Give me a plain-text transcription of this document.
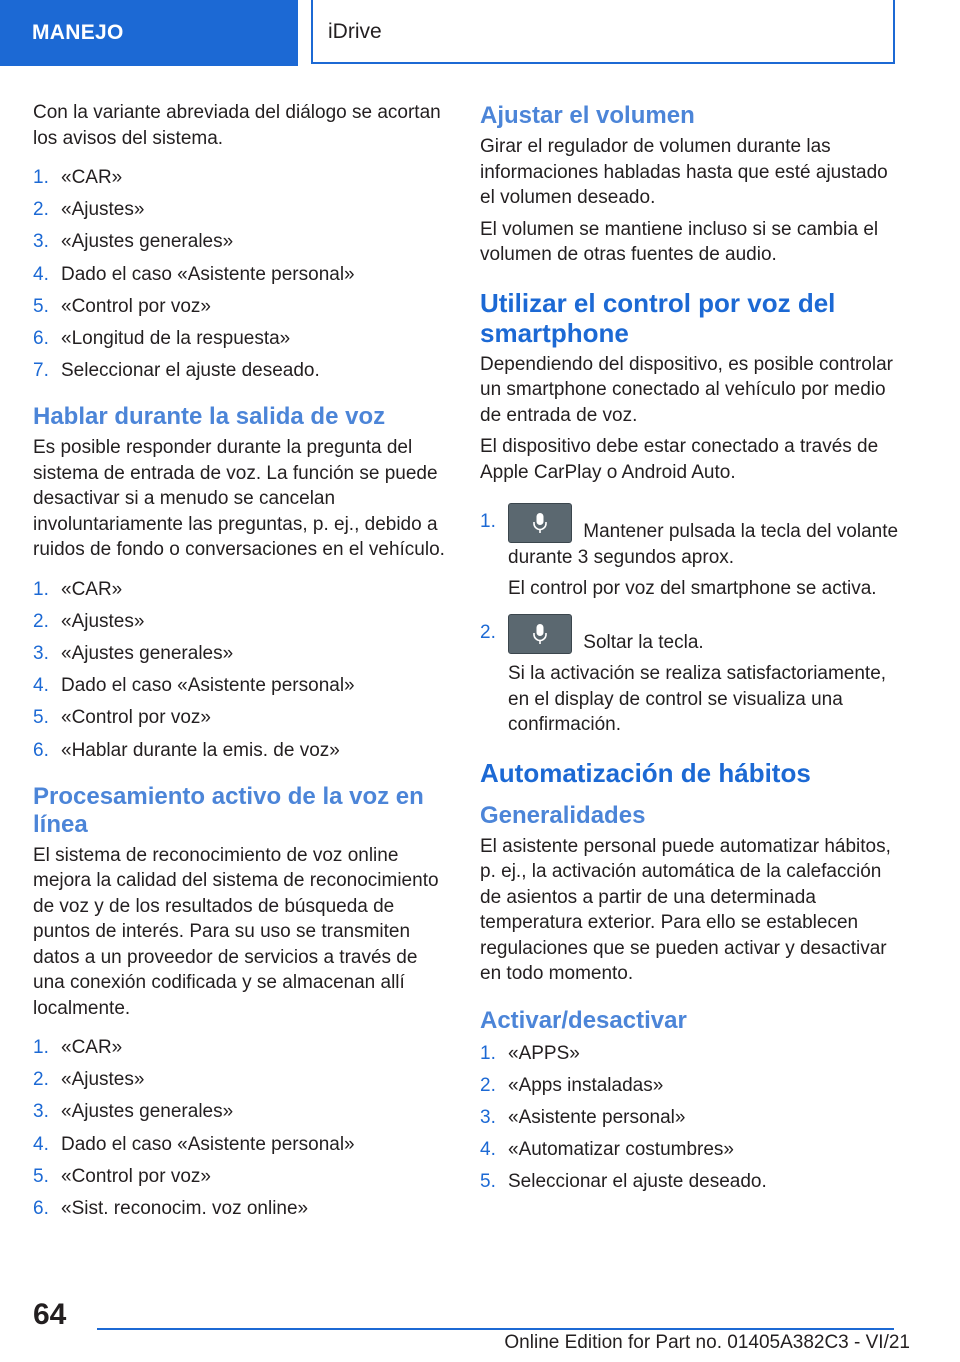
MANEJO	iDrive

Con la variante abreviada del diálogo se acortan los avisos del sistema.

1. «CAR»
2. «Ajustes»
3. «Ajustes generales»
4. Dado el caso «Asistente personal»
5. «Control por voz»
6. «Longitud de la respuesta»
7. Seleccionar el ajuste deseado.
Hablar durante la salida de voz

Es posible responder durante la pregunta del sistema de entrada de voz. La función se puede desactivar si a menudo se cancelan involuntariamente las preguntas, p. ej., debido a ruidos de fondo o conversaciones en el vehículo.

1. «CAR»
2. «Ajustes»
3. «Ajustes generales»
4. Dado el caso «Asistente personal»
5. «Control por voz»
6. «Hablar durante la emis. de voz»
Procesamiento activo de la voz en línea

El sistema de reconocimiento de voz online mejora la calidad del sistema de reconocimiento de voz y de los resultados de búsqueda de puntos de interés. Para su uso se transmiten datos a un proveedor de servicios a través de una conexión codificada y se almacenan allí localmente.

1. «CAR»
2. «Ajustes»
3. «Ajustes generales»
4. Dado el caso «Asistente personal»
5. «Control por voz»
6. «Sist. reconocim. voz online»
Ajustar el volumen

Girar el regulador de volumen durante las informaciones habladas hasta que esté ajustado el volumen deseado.

El volumen se mantiene incluso si se cambia el volumen de otras fuentes de audio.

Utilizar el control por voz del smartphone

Dependiendo del dispositivo, es posible controlar un smartphone conectado al vehículo por medio de entrada de voz.

El dispositivo debe estar conectado a través de Apple CarPlay o Android Auto.

1.	Mantener pulsada la tecla del volante durante 3 segundos aprox.

El control por voz del smartphone se activa.

2.	Soltar la tecla.

Si la activación se realiza satisfactoriamente, en el display de control se visualiza una confirmación.

Automatización de hábitos
Generalidades

El asistente personal puede automatizar hábitos, p. ej., la activación automática de la calefacción de asientos a partir de una determinada temperatura exterior. Para ello se establecen regulaciones que se pueden activar y desactivar en todo momento.

Activar/desactivar
1. «APPS»
2. «Apps instaladas»
3. «Asistente personal»
4. «Automatizar costumbres»
5. Seleccionar el ajuste deseado.
64
Online Edition for Part no. 01405A382C3 - VI/21
